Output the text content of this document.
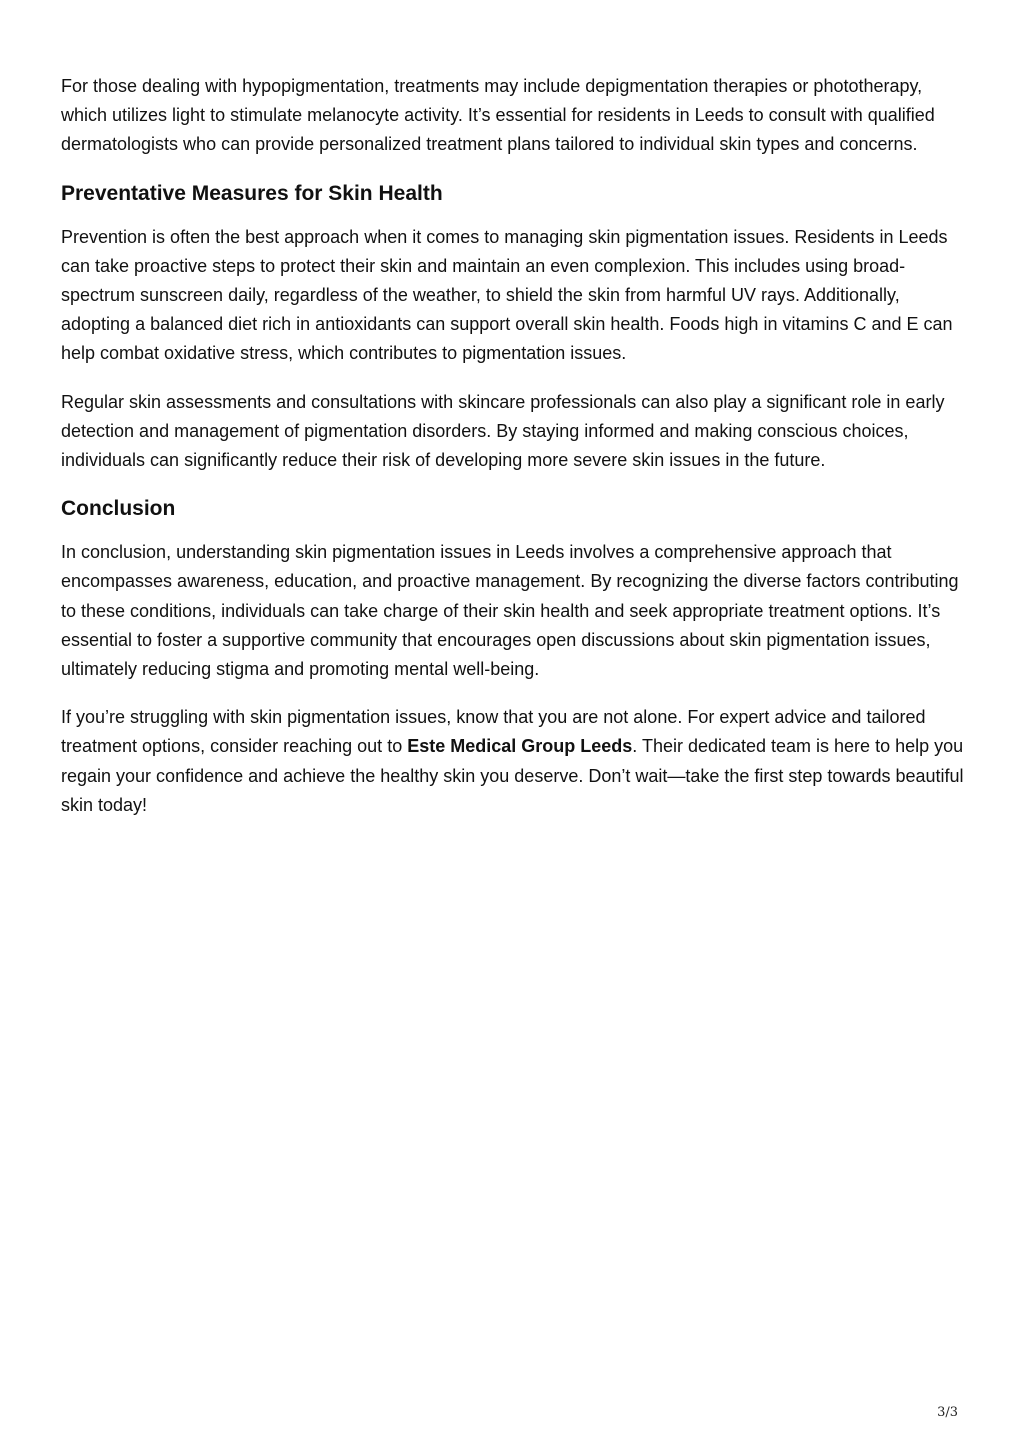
For those dealing with hypopigmentation, treatments may include depigmentation therapies or phototherapy, which utilizes light to stimulate melanocyte activity. It’s essential for residents in Leeds to consult with qualified dermatologists who can provide personalized treatment plans tailored to individual skin types and concerns.

Preventative Measures for Skin Health

Prevention is often the best approach when it comes to managing skin pigmentation issues. Residents in Leeds can take proactive steps to protect their skin and maintain an even complexion. This includes using broad-spectrum sunscreen daily, regardless of the weather, to shield the skin from harmful UV rays. Additionally, adopting a balanced diet rich in antioxidants can support overall skin health. Foods high in vitamins C and E can help combat oxidative stress, which contributes to pigmentation issues.

Regular skin assessments and consultations with skincare professionals can also play a significant role in early detection and management of pigmentation disorders. By staying informed and making conscious choices, individuals can significantly reduce their risk of developing more severe skin issues in the future.

Conclusion

In conclusion, understanding skin pigmentation issues in Leeds involves a comprehensive approach that encompasses awareness, education, and proactive management. By recognizing the diverse factors contributing to these conditions, individuals can take charge of their skin health and seek appropriate treatment options. It’s essential to foster a supportive community that encourages open discussions about skin pigmentation issues, ultimately reducing stigma and promoting mental well-being.

If you’re struggling with skin pigmentation issues, know that you are not alone. For expert advice and tailored treatment options, consider reaching out to Este Medical Group Leeds. Their dedicated team is here to help you regain your confidence and achieve the healthy skin you deserve. Don’t wait—take the first step towards beautiful skin today!

3/3
